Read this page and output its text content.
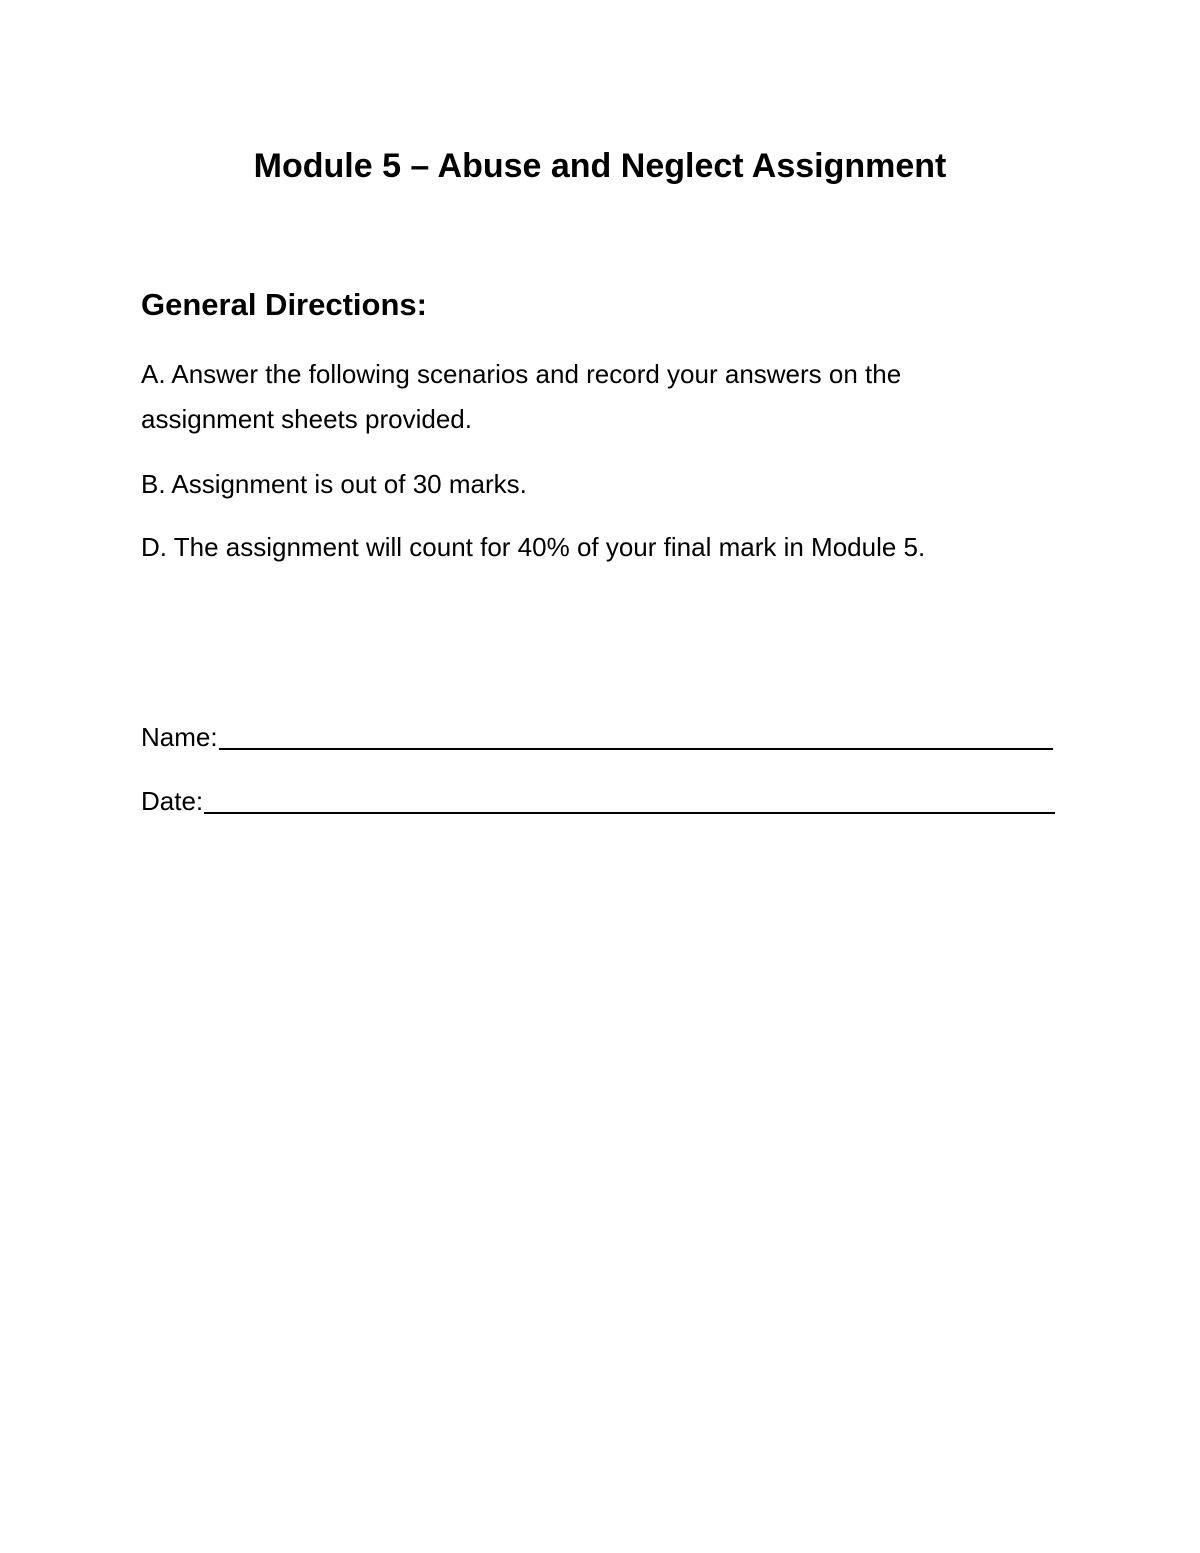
Module 5 – Abuse and Neglect Assignment
General Directions:
A. Answer the following scenarios and record your answers on the assignment sheets provided.
B. Assignment is out of 30 marks.
D. The assignment will count for 40% of your final mark in Module 5.
Name:
Date:
